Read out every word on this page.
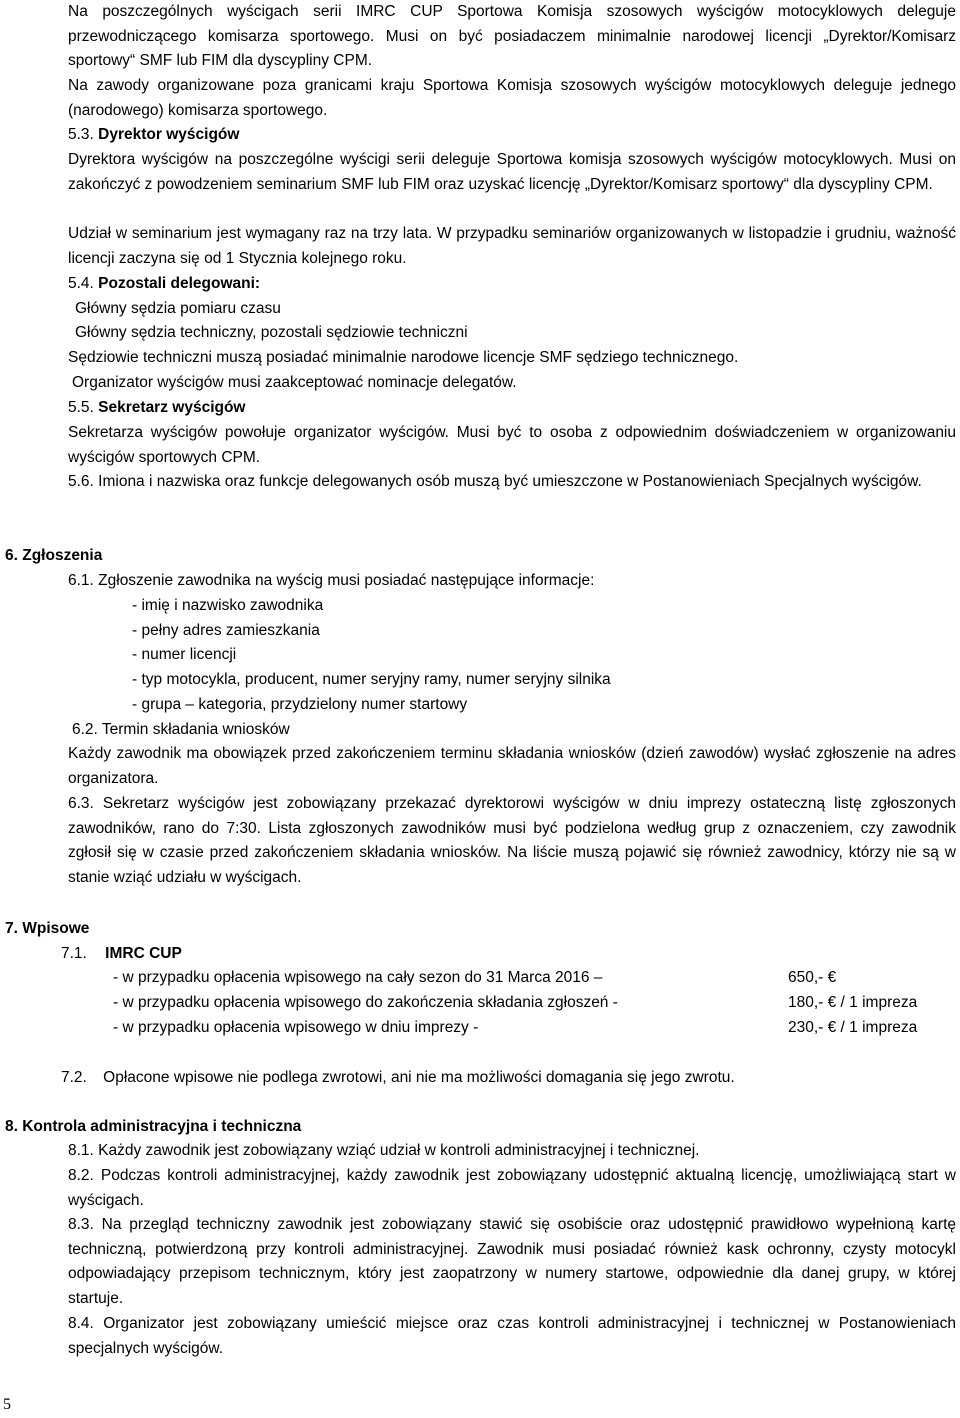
Na poszczególnych wyścigach serii IMRC CUP Sportowa Komisja szosowych wyścigów motocyklowych deleguje przewodniczącego komisarza sportowego. Musi on być posiadaczem minimalnie narodowej licencji „Dyrektor/Komisarz sportowy“ SMF lub FIM dla dyscypliny CPM.
Na zawody organizowane poza granicami kraju Sportowa Komisja szosowych wyścigów motocyklowych deleguje jednego (narodowego) komisarza sportowego.
5.3. Dyrektor wyścigów
Dyrektora wyścigów na poszczególne wyścigi serii deleguje Sportowa komisja szosowych wyścigów motocyklowych. Musi on zakończyć z powodzeniem seminarium SMF lub FIM oraz uzyskać licencję „Dyrektor/Komisarz sportowy“ dla dyscypliny CPM.
Udział w seminarium jest wymagany raz na trzy lata. W przypadku seminariów organizowanych w listopadzie i grudniu, ważność licencji zaczyna się od 1 Stycznia kolejnego roku.
5.4. Pozostali delegowani:
Główny sędzia pomiaru czasu
Główny sędzia techniczny, pozostali sędziowie techniczni
Sędziowie techniczni muszą posiadać minimalnie narodowe licencje SMF sędziego technicznego.
Organizator wyścigów musi zaakceptować nominacje delegatów.
5.5. Sekretarz wyścigów
Sekretarza wyścigów powołuje organizator wyścigów. Musi być to osoba z odpowiednim doświadczeniem w organizowaniu wyścigów sportowych CPM.
5.6. Imiona i nazwiska oraz funkcje delegowanych osób muszą być umieszczone w Postanowieniach Specjalnych wyścigów.
6. Zgłoszenia
6.1. Zgłoszenie zawodnika na wyścig musi posiadać następujące informacje:
- imię i nazwisko zawodnika
- pełny adres zamieszkania
- numer licencji
- typ motocykla, producent, numer seryjny ramy, numer seryjny silnika
- grupa – kategoria, przydzielony numer startowy
6.2. Termin składania wniosków
Każdy zawodnik ma obowiązek przed zakończeniem terminu składania wniosków (dzień zawodów) wysłać zgłoszenie na adres organizatora.
6.3. Sekretarz wyścigów jest zobowiązany przekazać dyrektorowi wyścigów w dniu imprezy ostateczną listę zgłoszonych zawodników, rano do 7:30. Lista zgłoszonych zawodników musi być podzielona według grup z oznaczeniem, czy zawodnik zgłosił się w czasie przed zakończeniem składania wniosków. Na liście muszą pojawić się również zawodnicy, którzy nie są w stanie wziąć udziału w wyścigach.
7. Wpisowe
7.1. IMRC CUP
- w przypadku opłacenia wpisowego na cały sezon do 31 Marca 2016 –	650,- €
- w przypadku opłacenia wpisowego do zakończenia składania zgłoszeń -	180,- € / 1 impreza
- w przypadku opłacenia wpisowego w dniu imprezy -	230,- € / 1 impreza
7.2. Opłacone wpisowe nie podlega zwrotowi, ani nie ma możliwości domagania się jego zwrotu.
8. Kontrola administracyjna i techniczna
8.1. Każdy zawodnik jest zobowiązany wziąć udział w kontroli administracyjnej i technicznej.
8.2. Podczas kontroli administracyjnej, każdy zawodnik jest zobowiązany udostępnić aktualną licencję, umożliwiającą start w wyścigach.
8.3. Na przegląd techniczny zawodnik jest zobowiązany stawić się osobiście oraz udostępnić prawidłowo wypełnioną kartę techniczną, potwierdzoną przy kontroli administracyjnej. Zawodnik musi posiadać również kask ochronny, czysty motocykl odpowiadający przepisom technicznym, który jest zaopatrzony w numery startowe, odpowiednie dla danej grupy, w której startuje.
8.4. Organizator jest zobowiązany umieścić miejsce oraz czas kontroli administracyjnej i technicznej w Postanowieniach specjalnych wyścigów.
5
